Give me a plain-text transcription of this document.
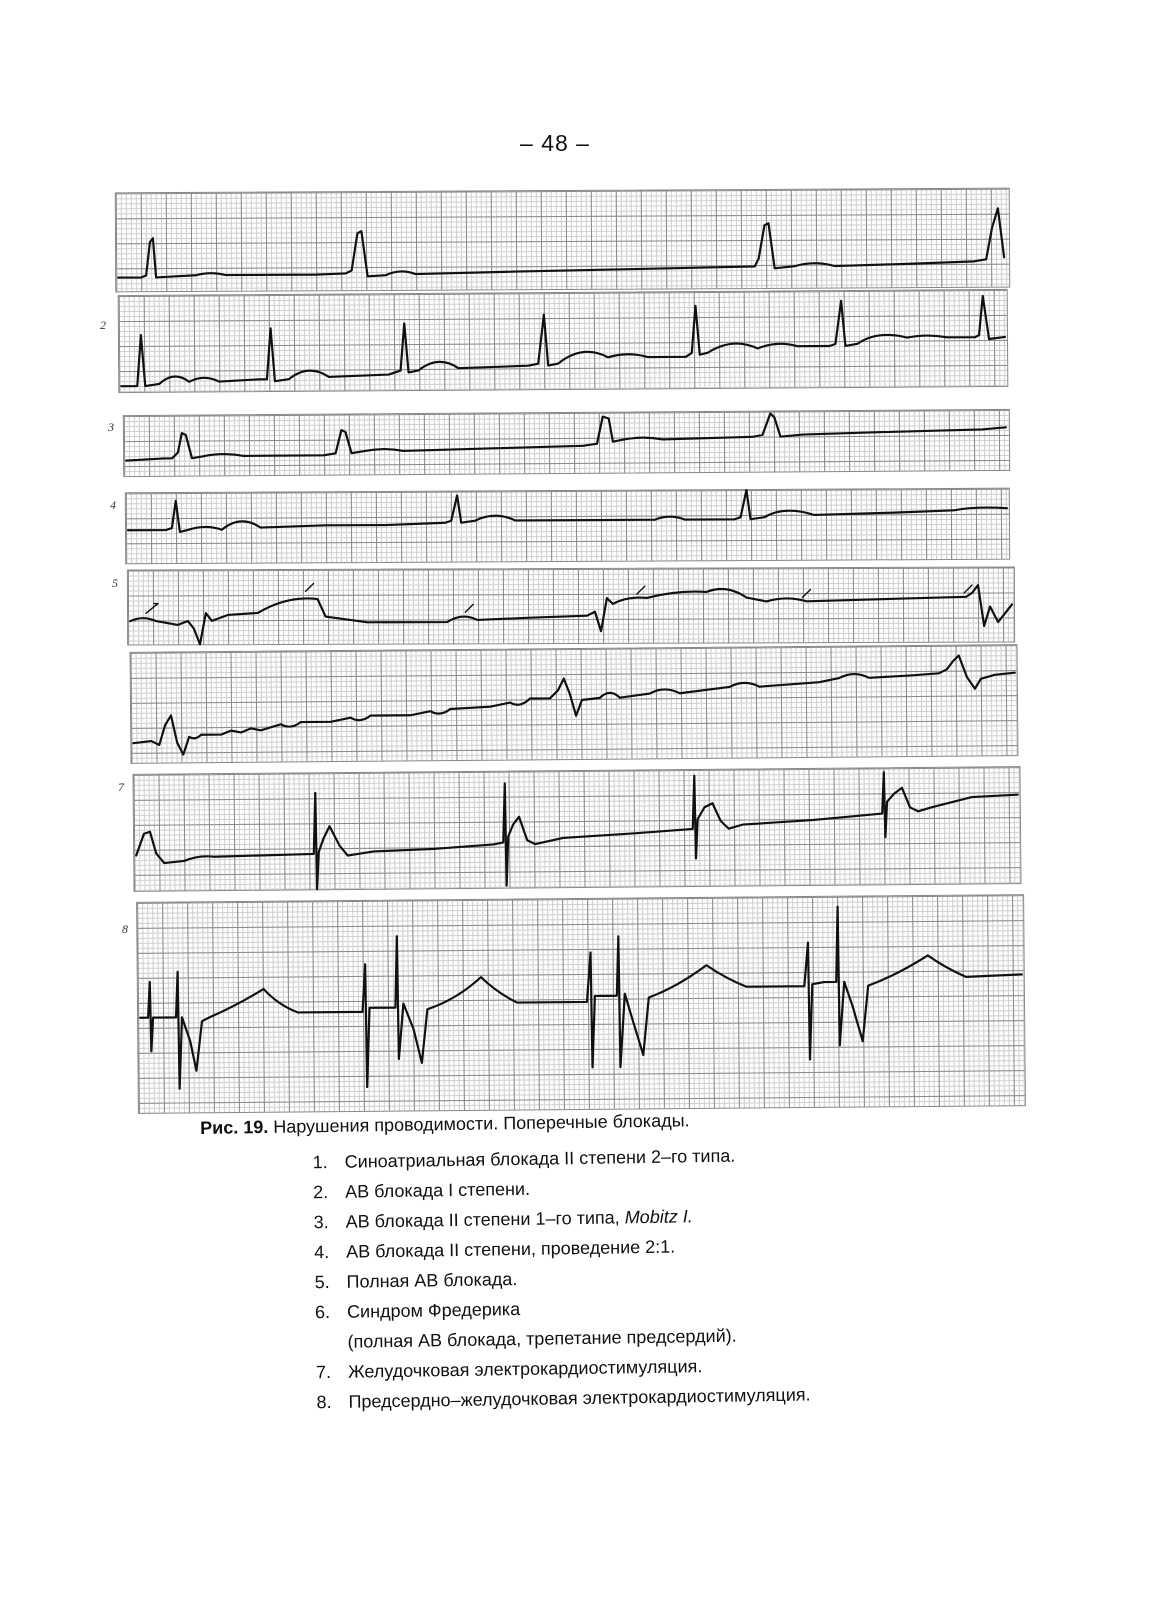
– 48 –
2
3
4
5
7
8

Рис. 19. Нарушения проводимости. Поперечные блокады.

1. Синоатриальная блокада II степени 2–го типа.
2. АВ блокада I степени.
3. АВ блокада II степени 1–го типа, Mobitz I.
4. АВ блокада II степени, проведение 2:1.
5. Полная АВ блокада.
6. Синдром Фредерика
(полная АВ блокада, трепетание предсердий).
7. Желудочковая электрокардиостимуляция.
8. Предсердно–желудочковая электрокардиостимуляция.
